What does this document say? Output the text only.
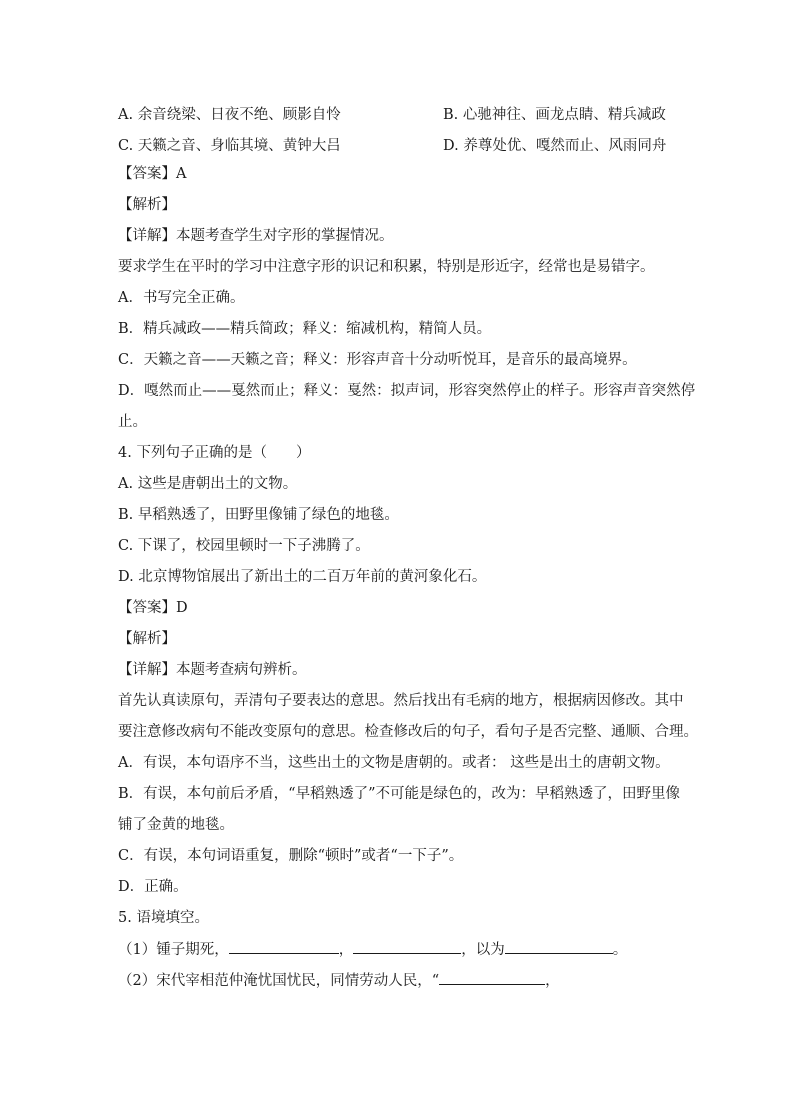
A. 余音绕梁、日夜不绝、顾影自怜	B. 心驰神往、画龙点睛、精兵减政
C. 天籁之音、身临其境、黄钟大吕	D. 养尊处优、嘎然而止、风雨同舟
【答案】A
【解析】
【详解】本题考查学生对字形的掌握情况。
要求学生在平时的学习中注意字形的识记和积累，特别是形近字，经常也是易错字。
A．书写完全正确。
B．精兵减政——精兵简政；释义：缩减机构，精简人员。
C．天籁之音——天籁之音；释义：形容声音十分动听悦耳，是音乐的最高境界。
D．嘎然而止——戛然而止；释义：戛然：拟声词，形容突然停止的样子。形容声音突然停
止。
4. 下列句子正确的是（　　）
A. 这些是唐朝出土的文物。
B. 早稻熟透了，田野里像铺了绿色的地毯。
C. 下课了，校园里顿时一下子沸腾了。
D. 北京博物馆展出了新出土的二百万年前的黄河象化石。
【答案】D
【解析】
【详解】本题考查病句辨析。
首先认真读原句，弄清句子要表达的意思。然后找出有毛病的地方，根据病因修改。其中
要注意修改病句不能改变原句的意思。检查修改后的句子，看句子是否完整、通顺、合理。
A．有误，本句语序不当，这些出土的文物是唐朝的。或者： 这些是出土的唐朝文物。
B．有误，本句前后矛盾，“早稻熟透了”不可能是绿色的，改为：早稻熟透了，田野里像
铺了金黄的地毯。
C．有误，本句词语重复，删除“顿时”或者“一下子”。
D．正确。
5. 语境填空。
（1）锺子期死，	，	，以为	。
（2）宋代宰相范仲淹忧国忧民，同情劳动人民，“	，
